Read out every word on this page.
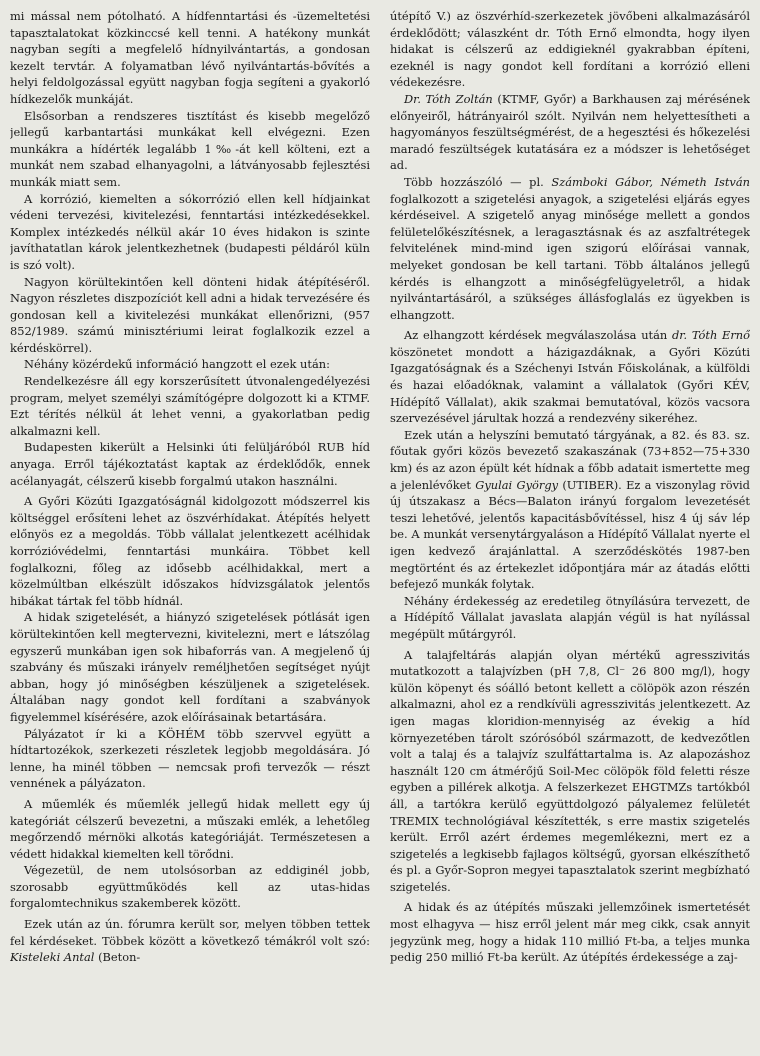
mi mással nem pótolható. A hídfenntartási és -üzemeltetési tapasztalatokat közkinccsé kell tenni. A hatékony munkát nagyban segíti a megfelelő hídnyilvántartás, a gondosan kezelt tervtár. A folyamatban lévő nyilvántartás-bővítés a helyi feldolgozással együtt nagyban fogja segíteni a gyakorló hídkezelők munkáját.

Elsősorban a rendszeres tisztítást és kisebb megelőző jellegű karbantartási munkákat kell elvégezni. Ezen munkákra a hídérték legalább 1‰-át kell költeni, ezt a munkát nem szabad elhanyagolni, a látványosabb fejlesztési munkák miatt sem.

A korrózió, kiemelten a sókorrózió ellen kell hídjainkat védeni tervezési, kivitelezési, fenntartási intézkedésekkel. Komplex intézkedés nélkül akár 10 éves hidakon is szinte javíthatatlan károk jelentkezhetnek (budapesti példáról küln is szó volt).

Nagyon körültekintően kell dönteni hidak átépítéséről. Nagyon részletes diszpozíciót kell adni a hidak tervezésére és gondosan kell a kivitelezési munkákat ellenőrizni, (957 852/1989. számú minisztériumi leirat foglalkozik ezzel a kérdéskörrel).

Néhány közérdekű információ hangzott el ezek után:

Rendelkezésre áll egy korszerűsített útvonalengedélyezési program, melyet személyi számítógépre dolgozott ki a KTMF. Ezt térítés nélkül át lehet venni, a gyakorlatban pedig alkalmazni kell.

Budapesten kikerült a Helsinki úti felüljáróból RUB híd anyaga. Erről tájékoztatást kaptak az érdeklődők, ennek acélanyagát, célszerű kisebb forgalmú utakon használni.

A Győri Közúti Igazgatóságnál kidolgozott módszerrel kis költséggel erősíteni lehet az öszvérhídakat. Átépítés helyett előnyös ez a megoldás. Több vállalat jelentkezett acélhidak korrózióvédelmi, fenntartási munkáira. Többet kell foglalkozni, főleg az idősebb acélhidakkal, mert a közelmúltban elkészült időszakos hídvizsgálatok jelentős hibákat tártak fel több hídnál.

A hidak szigetelését, a hiányzó szigetelések pótlását igen körültekintően kell megtervezni, kivitelezni, mert e látszólag egyszerű munkában igen sok hibaforrás van. A megjelenő új szabvány és műszaki irányelv reméljhetően segítséget nyújt abban, hogy jó minőségben készüljenek a szigetelések. Általában nagy gondot kell fordítani a szabványok figyelemmel kísérésére, azok előírásainak betartására.

Pályázatot ír ki a KÖHÉM több szervvel együtt a hídtartozékok, szerkezeti részletek legjobb megoldására. Jó lenne, ha minél többen — nemcsak profi tervezők — részt vennének a pályázaton.

A műemlék és műemlék jellegű hidak mellett egy új kategóriát célszerű bevezetni, a műszaki emlék, a lehetőleg megőrzendő mérnöki alkotás kategóriáját. Természetesen a védett hidakkal kiemelten kell törődni.

Végezetül, de nem utolsósorban az eddiginél jobb, szorosabb együttműködés kell az utas-hidas forgalomtechnikus szakemberek között.

Ezek után az ún. fórumra került sor, melyen többen tettek fel kérdéseket. Többek között a következő témákról volt szó: Kisteleki Antal (Beton-

útépítő V.) az öszvérhíd-szerkezetek jövőbeni alkalmazásáról érdeklődött; válaszként dr. Tóth Ernő elmondta, hogy ilyen hidakat is célszerű az eddigieknél gyakrabban építeni, ezeknél is nagy gondot kell fordítani a korrózió elleni védekezésre.

Dr. Tóth Zoltán (KTMF, Győr) a Barkhausen zaj mérésének előnyeiről, hátrányairól szólt. Nyilván nem helyettesítheti a hagyományos feszültségmérést, de a hegesztési és hőkezelési maradó feszültségek kutatására ez a módszer is lehetőséget ad.

Több hozzászóló — pl. Számboki Gábor, Németh István foglalkozott a szigetelési anyagok, a szigetelési eljárás egyes kérdéseivel. A szigetelő anyag minősége mellett a gondos felületelőkészítésnek, a leragasztásnak és az aszfaltrétegek felvitelének mind-mind igen szigorú előírásai vannak, melyeket gondosan be kell tartani. Több általános jellegű kérdés is elhangzott a minőségfelügyeletről, a hidak nyilvántartásáról, a szükséges állásfoglalás ez ügyekben is elhangzott.

Az elhangzott kérdések megválaszolása után dr. Tóth Ernő köszönetet mondott a házigazdáknak, a Győri Közúti Igazgatóságnak és a Széchenyi István Főiskolának, a külföldi és hazai előadóknak, valamint a vállalatok (Győri KÉV, Hídépítő Vállalat), akik szakmai bemutatóval, közös vacsora szervezésével járultak hozzá a rendezvény sikeréhez.

Ezek után a helyszíni bemutató tárgyának, a 82. és 83. sz. főutak győri közös bevezető szakaszának (73+852—75+330 km) és az azon épült két hídnak a főbb adatait ismertette meg a jelenlévőket Gyulai György (UTIBER). Ez a viszonylag rövid új útszakasz a Bécs—Balaton irányú forgalom levezetését teszi lehetővé, jelentős kapacitásbővítéssel, hisz 4 új sáv lép be. A munkát versenytárgyaláson a Hídépítő Vállalat nyerte el igen kedvező árajánlattal. A szerződéskötés 1987-ben megtörtént és az értekezlet időpontjára már az átadás előtti befejező munkák folytak.

Néhány érdekesség az eredetileg ötnyílásúra tervezett, de a Hídépítő Vállalat javaslata alapján végül is hat nyílással megépült műtárgyról.

A talajfeltárás alapján olyan mértékű agresszivitás mutatkozott a talajvízben (pH 7,8, Cl⁻ 26 800 mg/l), hogy külön köpenyt és sóálló betont kellett a cölöpök azon részén alkalmazni, ahol ez a rendkívüli agresszivitás jelentkezett. Az igen magas kloridion-mennyiség az évekig a híd környezetében tárolt szórósóból származott, de kedvezőtlen volt a talaj és a talajvíz szulfáttartalma is. Az alapozáshoz használt 120 cm átmérőjű Soil-Mec cölöpök föld feletti része egyben a pillérek alkotja. A felszerkezet EHGTMZs tartókból áll, a tartókra kerülő együttdolgozó pályalemez felületét TREMIX technológiával készítették, s erre mastix szigetelés került. Erről azért érdemes megemlékezni, mert ez a szigetelés a legkisebb fajlagos költségű, gyorsan elkészíthető és pl. a Győr-Sopron megyei tapasztalatok szerint megbízható szigetelés.

A hidak és az útépítés műszaki jellemzőinek ismertetését most elhagyva — hisz erről jelent már meg cikk, csak annyit jegyzünk meg, hogy a hidak 110 millió Ft-ba, a teljes munka pedig 250 millió Ft-ba került. Az útépítés érdekessége a zaj-
